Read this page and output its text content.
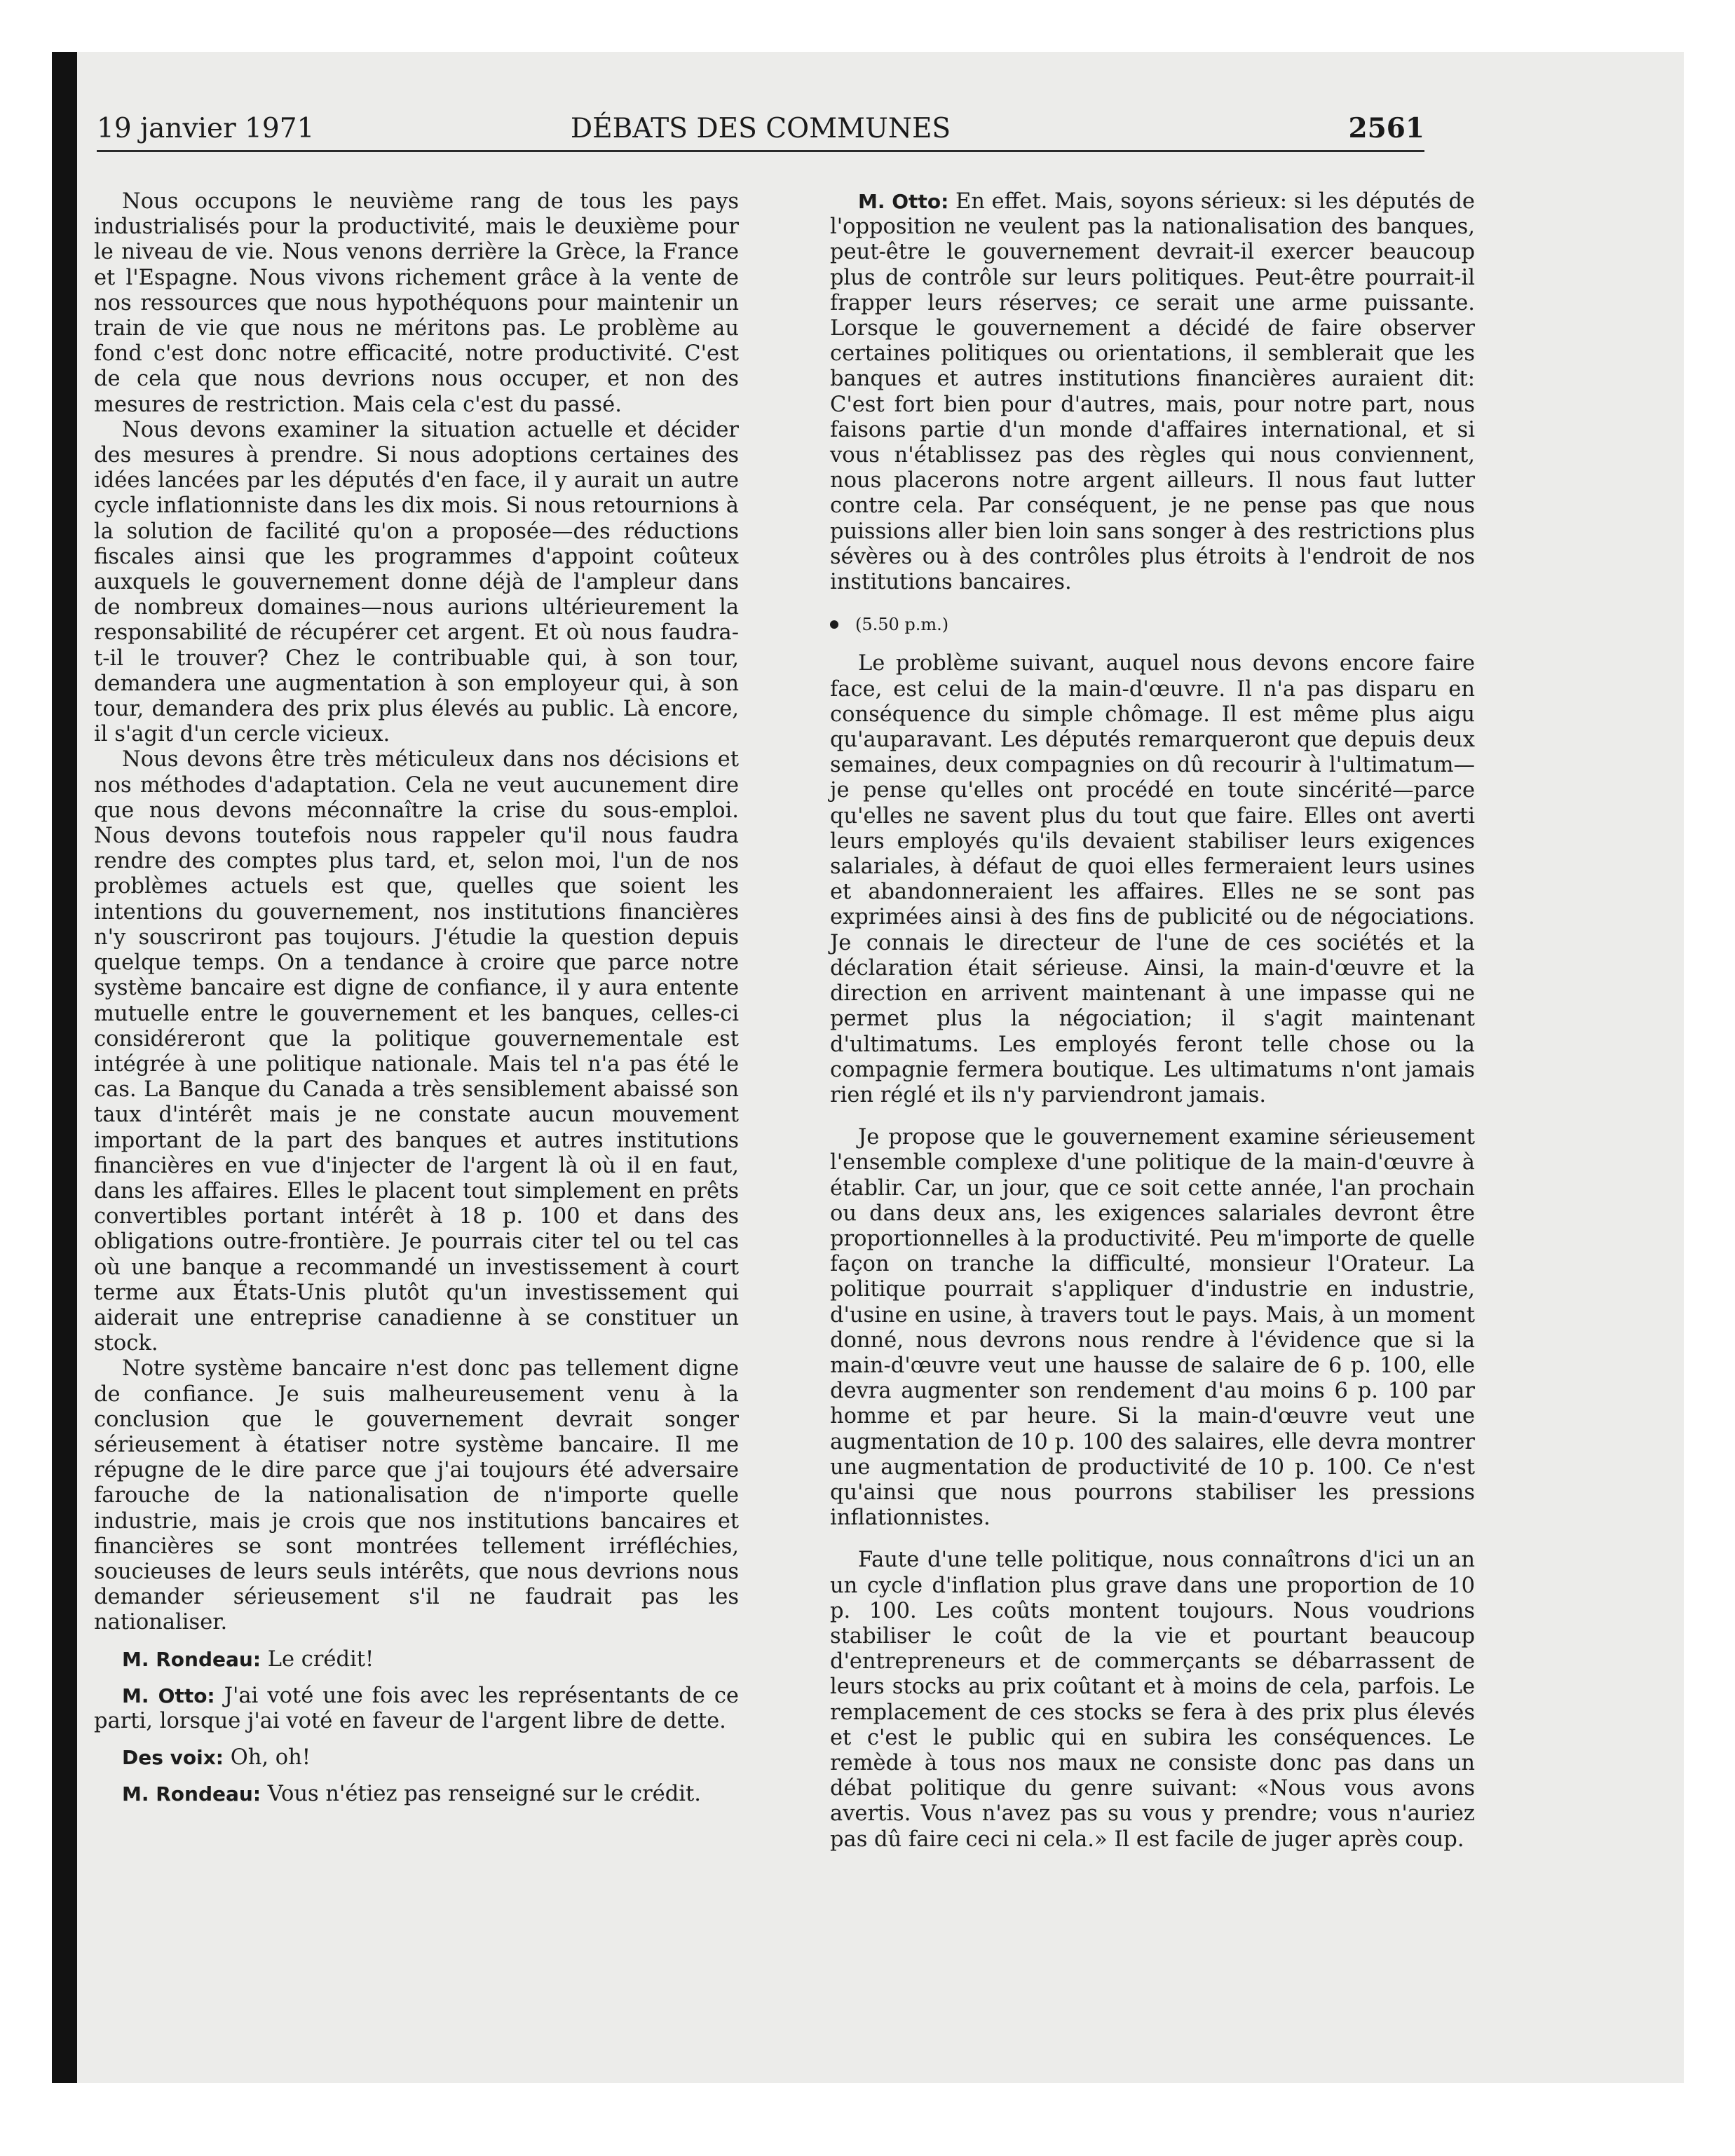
19 janvier 1971	DÉBATS DES COMMUNES	2561

Nous occupons le neuvième rang de tous les pays industrialisés pour la productivité, mais le deuxième pour le niveau de vie. Nous venons derrière la Grèce, la France et l'Espagne. Nous vivons richement grâce à la vente de nos ressources que nous hypothéquons pour maintenir un train de vie que nous ne méritons pas. Le problème au fond c'est donc notre efficacité, notre productivité. C'est de cela que nous devrions nous occuper, et non des mesures de restriction. Mais cela c'est du passé.

Nous devons examiner la situation actuelle et décider des mesures à prendre. Si nous adoptions certaines des idées lancées par les députés d'en face, il y aurait un autre cycle inflationniste dans les dix mois. Si nous retournions à la solution de facilité qu'on a proposée—des réductions fiscales ainsi que les programmes d'appoint coûteux auxquels le gouvernement donne déjà de l'ampleur dans de nombreux domaines—nous aurions ultérieurement la responsabilité de récupérer cet argent. Et où nous faudra-t-il le trouver? Chez le contribuable qui, à son tour, demandera une augmentation à son employeur qui, à son tour, demandera des prix plus élevés au public. Là encore, il s'agit d'un cercle vicieux.

Nous devons être très méticuleux dans nos décisions et nos méthodes d'adaptation. Cela ne veut aucunement dire que nous devons méconnaître la crise du sous-emploi. Nous devons toutefois nous rappeler qu'il nous faudra rendre des comptes plus tard, et, selon moi, l'un de nos problèmes actuels est que, quelles que soient les intentions du gouvernement, nos institutions financières n'y souscriront pas toujours. J'étudie la question depuis quelque temps. On a tendance à croire que parce notre système bancaire est digne de confiance, il y aura entente mutuelle entre le gouvernement et les banques, celles-ci considéreront que la politique gouvernementale est intégrée à une politique nationale. Mais tel n'a pas été le cas. La Banque du Canada a très sensiblement abaissé son taux d'intérêt mais je ne constate aucun mouvement important de la part des banques et autres institutions financières en vue d'injecter de l'argent là où il en faut, dans les affaires. Elles le placent tout simplement en prêts convertibles portant intérêt à 18 p. 100 et dans des obligations outre-frontière. Je pourrais citer tel ou tel cas où une banque a recommandé un investissement à court terme aux États-Unis plutôt qu'un investissement qui aiderait une entreprise canadienne à se constituer un stock.

Notre système bancaire n'est donc pas tellement digne de confiance. Je suis malheureusement venu à la conclusion que le gouvernement devrait songer sérieusement à étatiser notre système bancaire. Il me répugne de le dire parce que j'ai toujours été adversaire farouche de la nationalisation de n'importe quelle industrie, mais je crois que nos institutions bancaires et financières se sont montrées tellement irréfléchies, soucieuses de leurs seuls intérêts, que nous devrions nous demander sérieusement s'il ne faudrait pas les nationaliser.

M. Rondeau: Le crédit!

M. Otto: J'ai voté une fois avec les représentants de ce parti, lorsque j'ai voté en faveur de l'argent libre de dette.

Des voix: Oh, oh!

M. Rondeau: Vous n'étiez pas renseigné sur le crédit.

M. Otto: En effet. Mais, soyons sérieux: si les députés de l'opposition ne veulent pas la nationalisation des banques, peut-être le gouvernement devrait-il exercer beaucoup plus de contrôle sur leurs politiques. Peut-être pourrait-il frapper leurs réserves; ce serait une arme puissante. Lorsque le gouvernement a décidé de faire observer certaines politiques ou orientations, il semblerait que les banques et autres institutions financières auraient dit: C'est fort bien pour d'autres, mais, pour notre part, nous faisons partie d'un monde d'affaires international, et si vous n'établissez pas des règles qui nous conviennent, nous placerons notre argent ailleurs. Il nous faut lutter contre cela. Par conséquent, je ne pense pas que nous puissions aller bien loin sans songer à des restrictions plus sévères ou à des contrôles plus étroits à l'endroit de nos institutions bancaires.

(5.50 p.m.)

Le problème suivant, auquel nous devons encore faire face, est celui de la main-d'œuvre. Il n'a pas disparu en conséquence du simple chômage. Il est même plus aigu qu'auparavant. Les députés remarqueront que depuis deux semaines, deux compagnies on dû recourir à l'ultimatum—je pense qu'elles ont procédé en toute sincérité—parce qu'elles ne savent plus du tout que faire. Elles ont averti leurs employés qu'ils devaient stabiliser leurs exigences salariales, à défaut de quoi elles fermeraient leurs usines et abandonneraient les affaires. Elles ne se sont pas exprimées ainsi à des fins de publicité ou de négociations. Je connais le directeur de l'une de ces sociétés et la déclaration était sérieuse. Ainsi, la main-d'œuvre et la direction en arrivent maintenant à une impasse qui ne permet plus la négociation; il s'agit maintenant d'ultimatums. Les employés feront telle chose ou la compagnie fermera boutique. Les ultimatums n'ont jamais rien réglé et ils n'y parviendront jamais.

Je propose que le gouvernement examine sérieusement l'ensemble complexe d'une politique de la main-d'œuvre à établir. Car, un jour, que ce soit cette année, l'an prochain ou dans deux ans, les exigences salariales devront être proportionnelles à la productivité. Peu m'importe de quelle façon on tranche la difficulté, monsieur l'Orateur. La politique pourrait s'appliquer d'industrie en industrie, d'usine en usine, à travers tout le pays. Mais, à un moment donné, nous devrons nous rendre à l'évidence que si la main-d'œuvre veut une hausse de salaire de 6 p. 100, elle devra augmenter son rendement d'au moins 6 p. 100 par homme et par heure. Si la main-d'œuvre veut une augmentation de 10 p. 100 des salaires, elle devra montrer une augmentation de productivité de 10 p. 100. Ce n'est qu'ainsi que nous pourrons stabiliser les pressions inflationnistes.

Faute d'une telle politique, nous connaîtrons d'ici un an un cycle d'inflation plus grave dans une proportion de 10 p. 100. Les coûts montent toujours. Nous voudrions stabiliser le coût de la vie et pourtant beaucoup d'entrepreneurs et de commerçants se débarrassent de leurs stocks au prix coûtant et à moins de cela, parfois. Le remplacement de ces stocks se fera à des prix plus élevés et c'est le public qui en subira les conséquences. Le remède à tous nos maux ne consiste donc pas dans un débat politique du genre suivant: «Nous vous avons avertis. Vous n'avez pas su vous y prendre; vous n'auriez pas dû faire ceci ni cela.» Il est facile de juger après coup.
